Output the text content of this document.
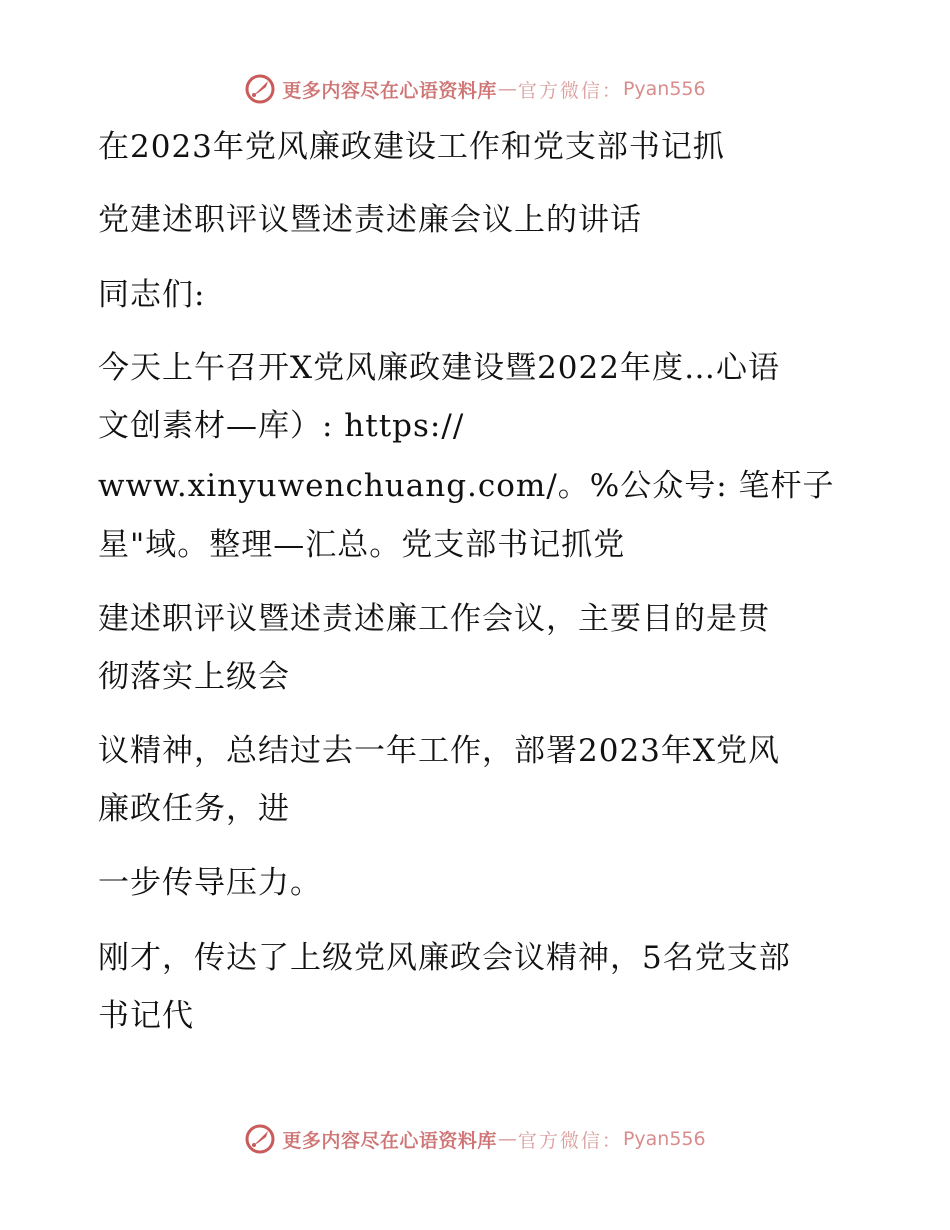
更多内容尽在心语资料库 — 官方微信： Pyan556
在2023年党风廉政建设工作和党支部书记抓
党建述职评议暨述责述廉会议上的讲话
同志们:
今天上午召开X党风廉政建设暨2022年度…心语
文创素材—库）: https://
www.xinyuwenchuang.com/。%公众号: 笔杆子
星"域。整理—汇总。党支部书记抓党
建述职评议暨述责述廉工作会议，主要目的是贯
彻落实上级会
议精神，总结过去一年工作，部署2023年X党风
廉政任务，进
一步传导压力。
刚才，传达了上级党风廉政会议精神，5名党支部
书记代
更多内容尽在心语资料库 — 官方微信： Pyan556
